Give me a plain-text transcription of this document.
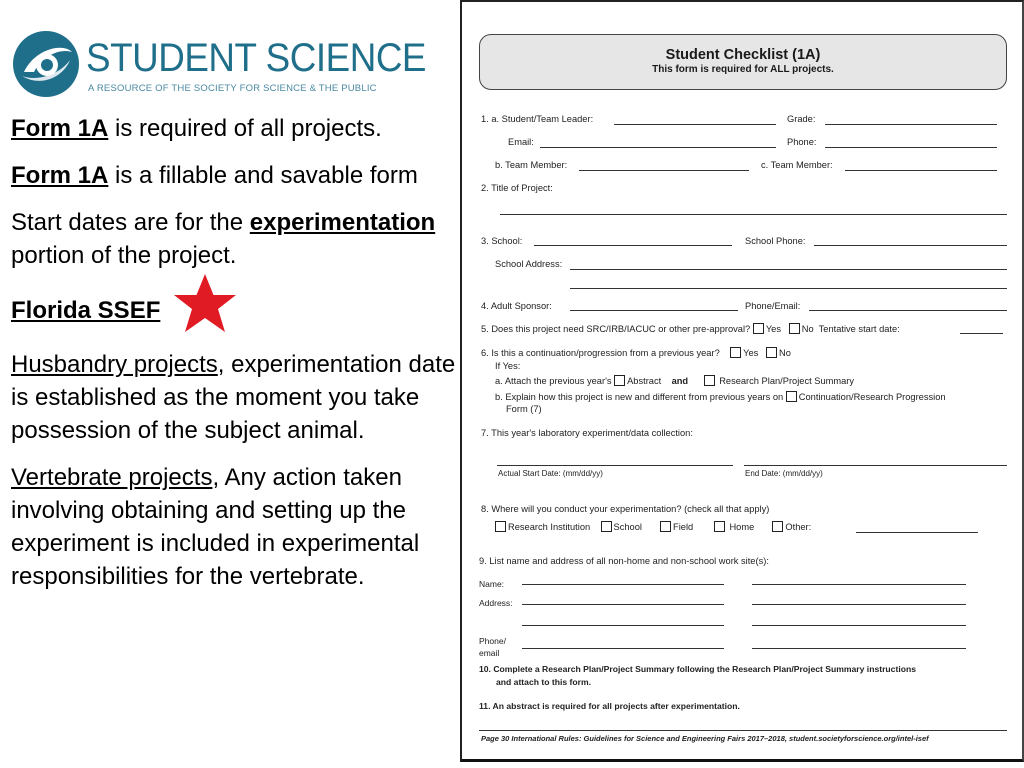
STUDENT SCIENCE
A RESOURCE OF THE SOCIETY FOR SCIENCE & THE PUBLIC

Form 1A is required of all projects.

Form 1A is a fillable and savable form

Start dates are for the experimentation portion of the project.

Florida SSEF

Husbandry projects, experimentation date is established as the moment you take possession of the subject animal.

Vertebrate projects, Any action taken involving obtaining and setting up the experiment is included in experimental responsibilities for the vertebrate.

Student Checklist (1A)
This form is required for ALL projects.
1. a. Student/Team Leader:	Grade:
Email:	Phone:
b. Team Member:	c. Team Member:
2. Title of Project:
3. School:	School Phone:
School Address:
4. Adult Sponsor:	Phone/Email:
5. Does this project need SRC/IRB/IACUC or other pre-approval? Yes No Tentative start date:
6. Is this a continuation/progression from a previous year?	Yes No
If Yes:
a. Attach the previous year's Abstract and	Research Plan/Project Summary
b. Explain how this project is new and different from previous years on Continuation/Research Progression
Form (7)
7. This year's laboratory experiment/data collection:
Actual Start Date: (mm/dd/yy)	End Date: (mm/dd/yy)
8. Where will you conduct your experimentation? (check all that apply)
Research Institution	School	Field	Home	Other:
9. List name and address of all non-home and non-school work site(s):
Name:
Address:
Phone/
email
10. Complete a Research Plan/Project Summary following the Research Plan/Project Summary instructions
and attach to this form.
11. An abstract is required for all projects after experimentation.
Page 30 International Rules: Guidelines for Science and Engineering Fairs 2017–2018, student.societyforscience.org/intel-isef
